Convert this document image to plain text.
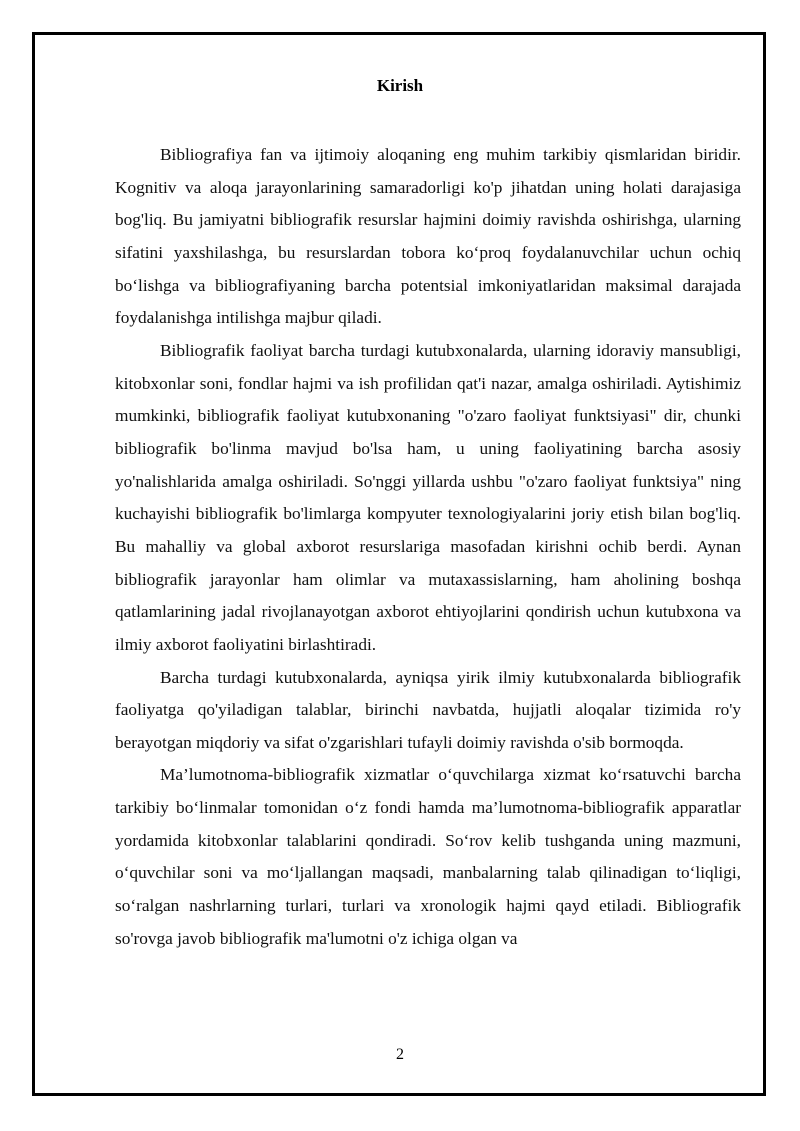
Kirish

Bibliografiya fan va ijtimoiy aloqaning eng muhim tarkibiy qismlaridan biridir. Kognitiv va aloqa jarayonlarining samaradorligi ko'p jihatdan uning holati darajasiga bog'liq. Bu jamiyatni bibliografik resurslar hajmini doimiy ravishda oshirishga, ularning sifatini yaxshilashga, bu resurslardan tobora ko‘proq foydalanuvchilar uchun ochiq bo‘lishga va bibliografiyaning barcha potentsial imkoniyatlaridan maksimal darajada foydalanishga intilishga majbur qiladi.

Bibliografik faoliyat barcha turdagi kutubxonalarda, ularning idoraviy mansubligi, kitobxonlar soni, fondlar hajmi va ish profilidan qat'i nazar, amalga oshiriladi. Aytishimiz mumkinki, bibliografik faoliyat kutubxonaning "o'zaro faoliyat funktsiyasi" dir, chunki bibliografik bo'linma mavjud bo'lsa ham, u uning faoliyatining barcha asosiy yo'nalishlarida amalga oshiriladi. So'nggi yillarda ushbu "o'zaro faoliyat funktsiya" ning kuchayishi bibliografik bo'limlarga kompyuter texnologiyalarini joriy etish bilan bog'liq. Bu mahalliy va global axborot resurslariga masofadan kirishni ochib berdi. Aynan bibliografik jarayonlar ham olimlar va mutaxassislarning, ham aholining boshqa qatlamlarining jadal rivojlanayotgan axborot ehtiyojlarini qondirish uchun kutubxona va ilmiy axborot faoliyatini birlashtiradi.

Barcha turdagi kutubxonalarda, ayniqsa yirik ilmiy kutubxonalarda bibliografik faoliyatga qo'yiladigan talablar, birinchi navbatda, hujjatli aloqalar tizimida ro'y berayotgan miqdoriy va sifat o'zgarishlari tufayli doimiy ravishda o'sib bormoqda.

Ma’lumotnoma-bibliografik xizmatlar o‘quvchilarga xizmat ko‘rsatuvchi barcha tarkibiy bo‘linmalar tomonidan o‘z fondi hamda ma’lumotnoma-bibliografik apparatlar yordamida kitobxonlar talablarini qondiradi. So‘rov kelib tushganda uning mazmuni, o‘quvchilar soni va mo‘ljallangan maqsadi, manbalarning talab qilinadigan to‘liqligi, so‘ralgan nashrlarning turlari, turlari va xronologik hajmi qayd etiladi. Bibliografik so'rovga javob bibliografik ma'lumotni o'z ichiga olgan va

2
